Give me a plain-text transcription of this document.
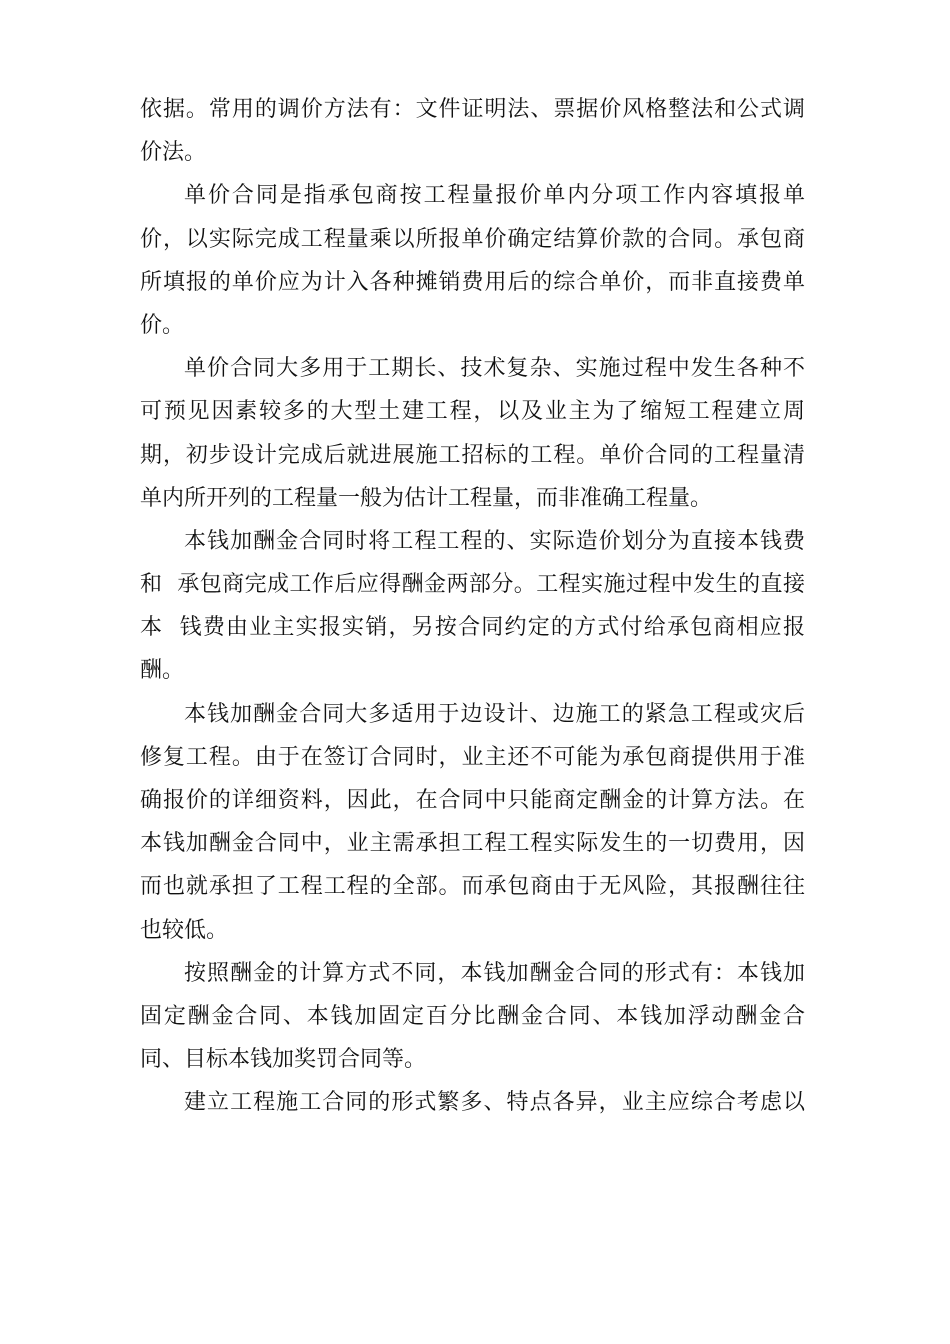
依据。常用的调价方法有：文件证明法、票据价风格整法和公式调
价法。
单价合同是指承包商按工程量报价单内分项工作内容填报单
价，以实际完成工程量乘以所报单价确定结算价款的合同。承包商
所填报的单价应为计入各种摊销费用后的综合单价，而非直接费单
价。
单价合同大多用于工期长、技术复杂、实施过程中发生各种不
可预见因素较多的大型土建工程，以及业主为了缩短工程建立周
期，初步设计完成后就进展施工招标的工程。单价合同的工程量清
单内所开列的工程量一般为估计工程量，而非准确工程量。
本钱加酬金合同时将工程工程的、实际造价划分为直接本钱费
和  承包商完成工作后应得酬金两部分。工程实施过程中发生的直接
本  钱费由业主实报实销，另按合同约定的方式付给承包商相应报
酬。
本钱加酬金合同大多适用于边设计、边施工的紧急工程或灾后
修复工程。由于在签订合同时，业主还不可能为承包商提供用于准
确报价的详细资料，因此，在合同中只能商定酬金的计算方法。在
本钱加酬金合同中，业主需承担工程工程实际发生的一切费用，因
而也就承担了工程工程的全部。而承包商由于无风险，其报酬往往
也较低。
按照酬金的计算方式不同，本钱加酬金合同的形式有：本钱加
固定酬金合同、本钱加固定百分比酬金合同、本钱加浮动酬金合
同、目标本钱加奖罚合同等。
建立工程施工合同的形式繁多、特点各异，业主应综合考虑以
